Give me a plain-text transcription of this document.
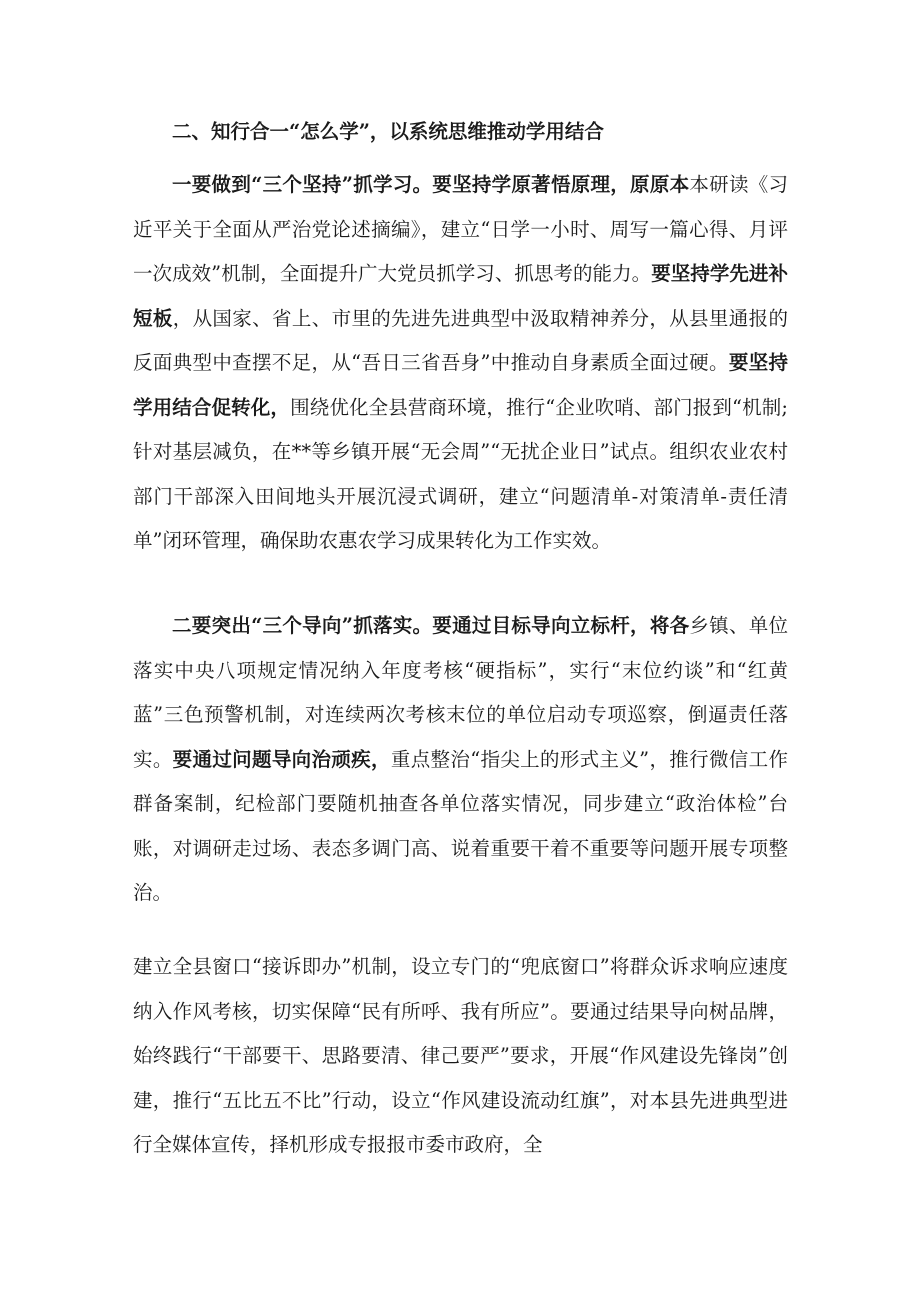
二、知行合一“怎么学”，以系统思维推动学用结合

一要做到“三个坚持”抓学习。要坚持学原著悟原理，原原本本研读《习近平关于全面从严治党论述摘编》，建立“日学一小时、周写一篇心得、月评一次成效”机制，全面提升广大党员抓学习、抓思考的能力。要坚持学先进补短板，从国家、省上、市里的先进先进典型中汲取精神养分，从县里通报的反面典型中查摆不足，从“吾日三省吾身”中推动自身素质全面过硬。要坚持学用结合促转化，围绕优化全县营商环境，推行“企业吹哨、部门报到“机制;针对基层减负，在**等乡镇开展“无会周”“无扰企业日”试点。组织农业农村部门干部深入田间地头开展沉浸式调研，建立“问题清单-对策清单-责任清单”闭环管理，确保助农惠农学习成果转化为工作实效。

二要突出“三个导向”抓落实。要通过目标导向立标杆，将各乡镇、单位落实中央八项规定情况纳入年度考核“硬指标”，实行“末位约谈”和“红黄蓝”三色预警机制，对连续两次考核末位的单位启动专项巡察，倒逼责任落实。要通过问题导向治顽疾，重点整治“指尖上的形式主义”，推行微信工作群备案制，纪检部门要随机抽查各单位落实情况，同步建立“政治体检”台账，对调研走过场、表态多调门高、说着重要干着不重要等问题开展专项整治。

建立全县窗口“接诉即办”机制，设立专门的“兜底窗口”将群众诉求响应速度纳入作风考核，切实保障“民有所呼、我有所应”。要通过结果导向树品牌，始终践行“干部要干、思路要清、律己要严”要求，开展“作风建设先锋岗”创建，推行“五比五不比”行动，设立“作风建设流动红旗”，对本县先进典型进行全媒体宣传，择机形成专报报市委市政府，全
